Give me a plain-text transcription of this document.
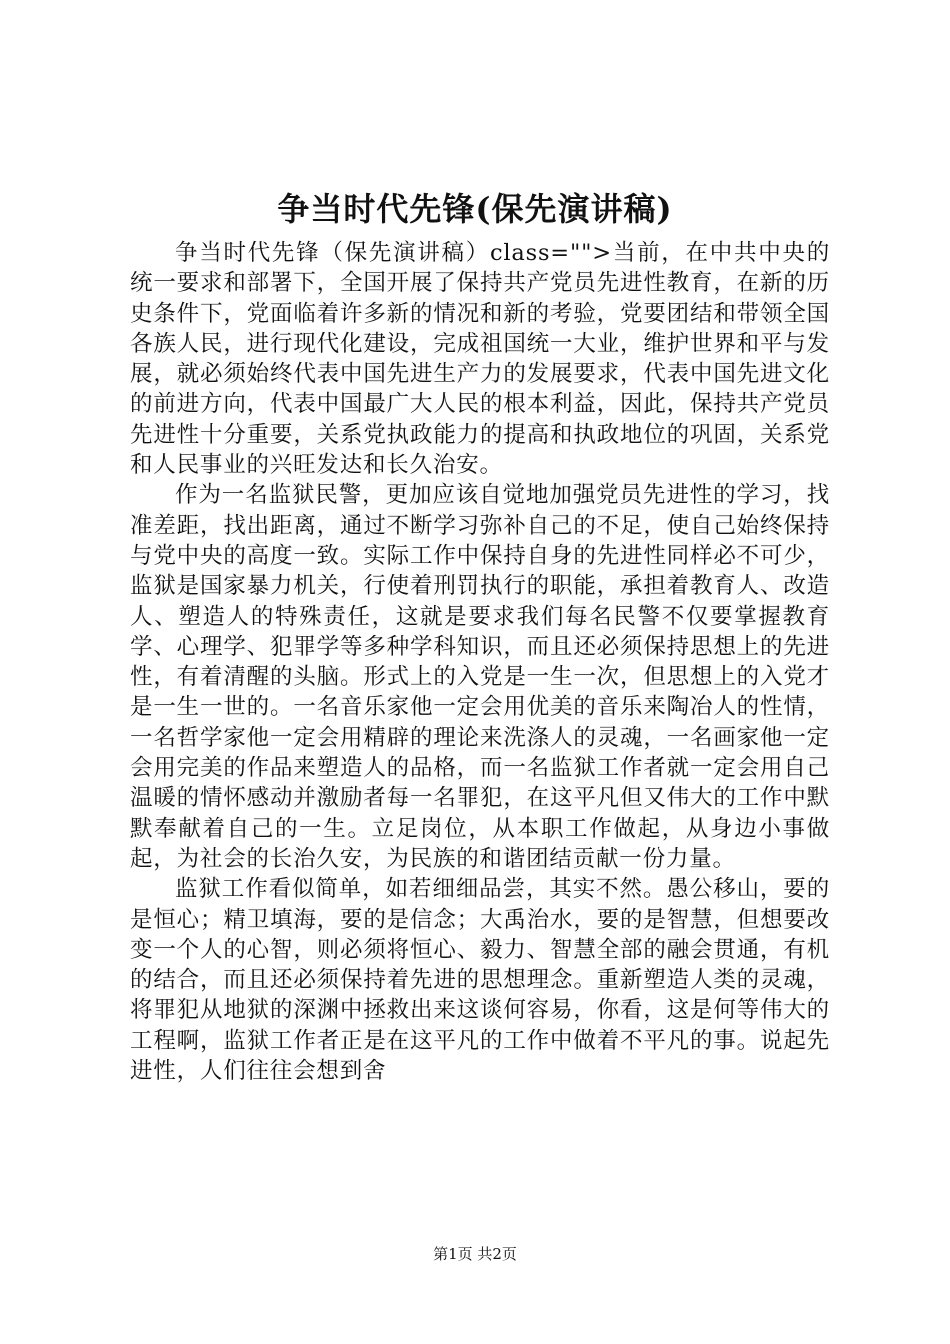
争当时代先锋(保先演讲稿)

争当时代先锋（保先演讲稿）class="">当前，在中共中央的统一要求和部署下，全国开展了保持共产党员先进性教育，在新的历史条件下，党面临着许多新的情况和新的考验，党要团结和带领全国各族人民，进行现代化建设，完成祖国统一大业，维护世界和平与发展，就必须始终代表中国先进生产力的发展要求，代表中国先进文化的前进方向，代表中国最广大人民的根本利益，因此，保持共产党员先进性十分重要，关系党执政能力的提高和执政地位的巩固，关系党和人民事业的兴旺发达和长久治安。

作为一名监狱民警，更加应该自觉地加强党员先进性的学习，找准差距，找出距离，通过不断学习弥补自己的不足，使自己始终保持与党中央的高度一致。实际工作中保持自身的先进性同样必不可少，监狱是国家暴力机关，行使着刑罚执行的职能，承担着教育人、改造人、塑造人的特殊责任，这就是要求我们每名民警不仅要掌握教育学、心理学、犯罪学等多种学科知识，而且还必须保持思想上的先进性，有着清醒的头脑。形式上的入党是一生一次，但思想上的入党才是一生一世的。一名音乐家他一定会用优美的音乐来陶冶人的性情，一名哲学家他一定会用精辟的理论来洗涤人的灵魂，一名画家他一定会用完美的作品来塑造人的品格，而一名监狱工作者就一定会用自己温暖的情怀感动并激励者每一名罪犯，在这平凡但又伟大的工作中默默奉献着自己的一生。立足岗位，从本职工作做起，从身边小事做起，为社会的长治久安，为民族的和谐团结贡献一份力量。

监狱工作看似简单，如若细细品尝，其实不然。愚公移山，要的是恒心；精卫填海，要的是信念；大禹治水，要的是智慧，但想要改变一个人的心智，则必须将恒心、毅力、智慧全部的融会贯通，有机的结合，而且还必须保持着先进的思想理念。重新塑造人类的灵魂，将罪犯从地狱的深渊中拯救出来这谈何容易，你看，这是何等伟大的工程啊，监狱工作者正是在这平凡的工作中做着不平凡的事。说起先进性，人们往往会想到舍

第1页 共2页
